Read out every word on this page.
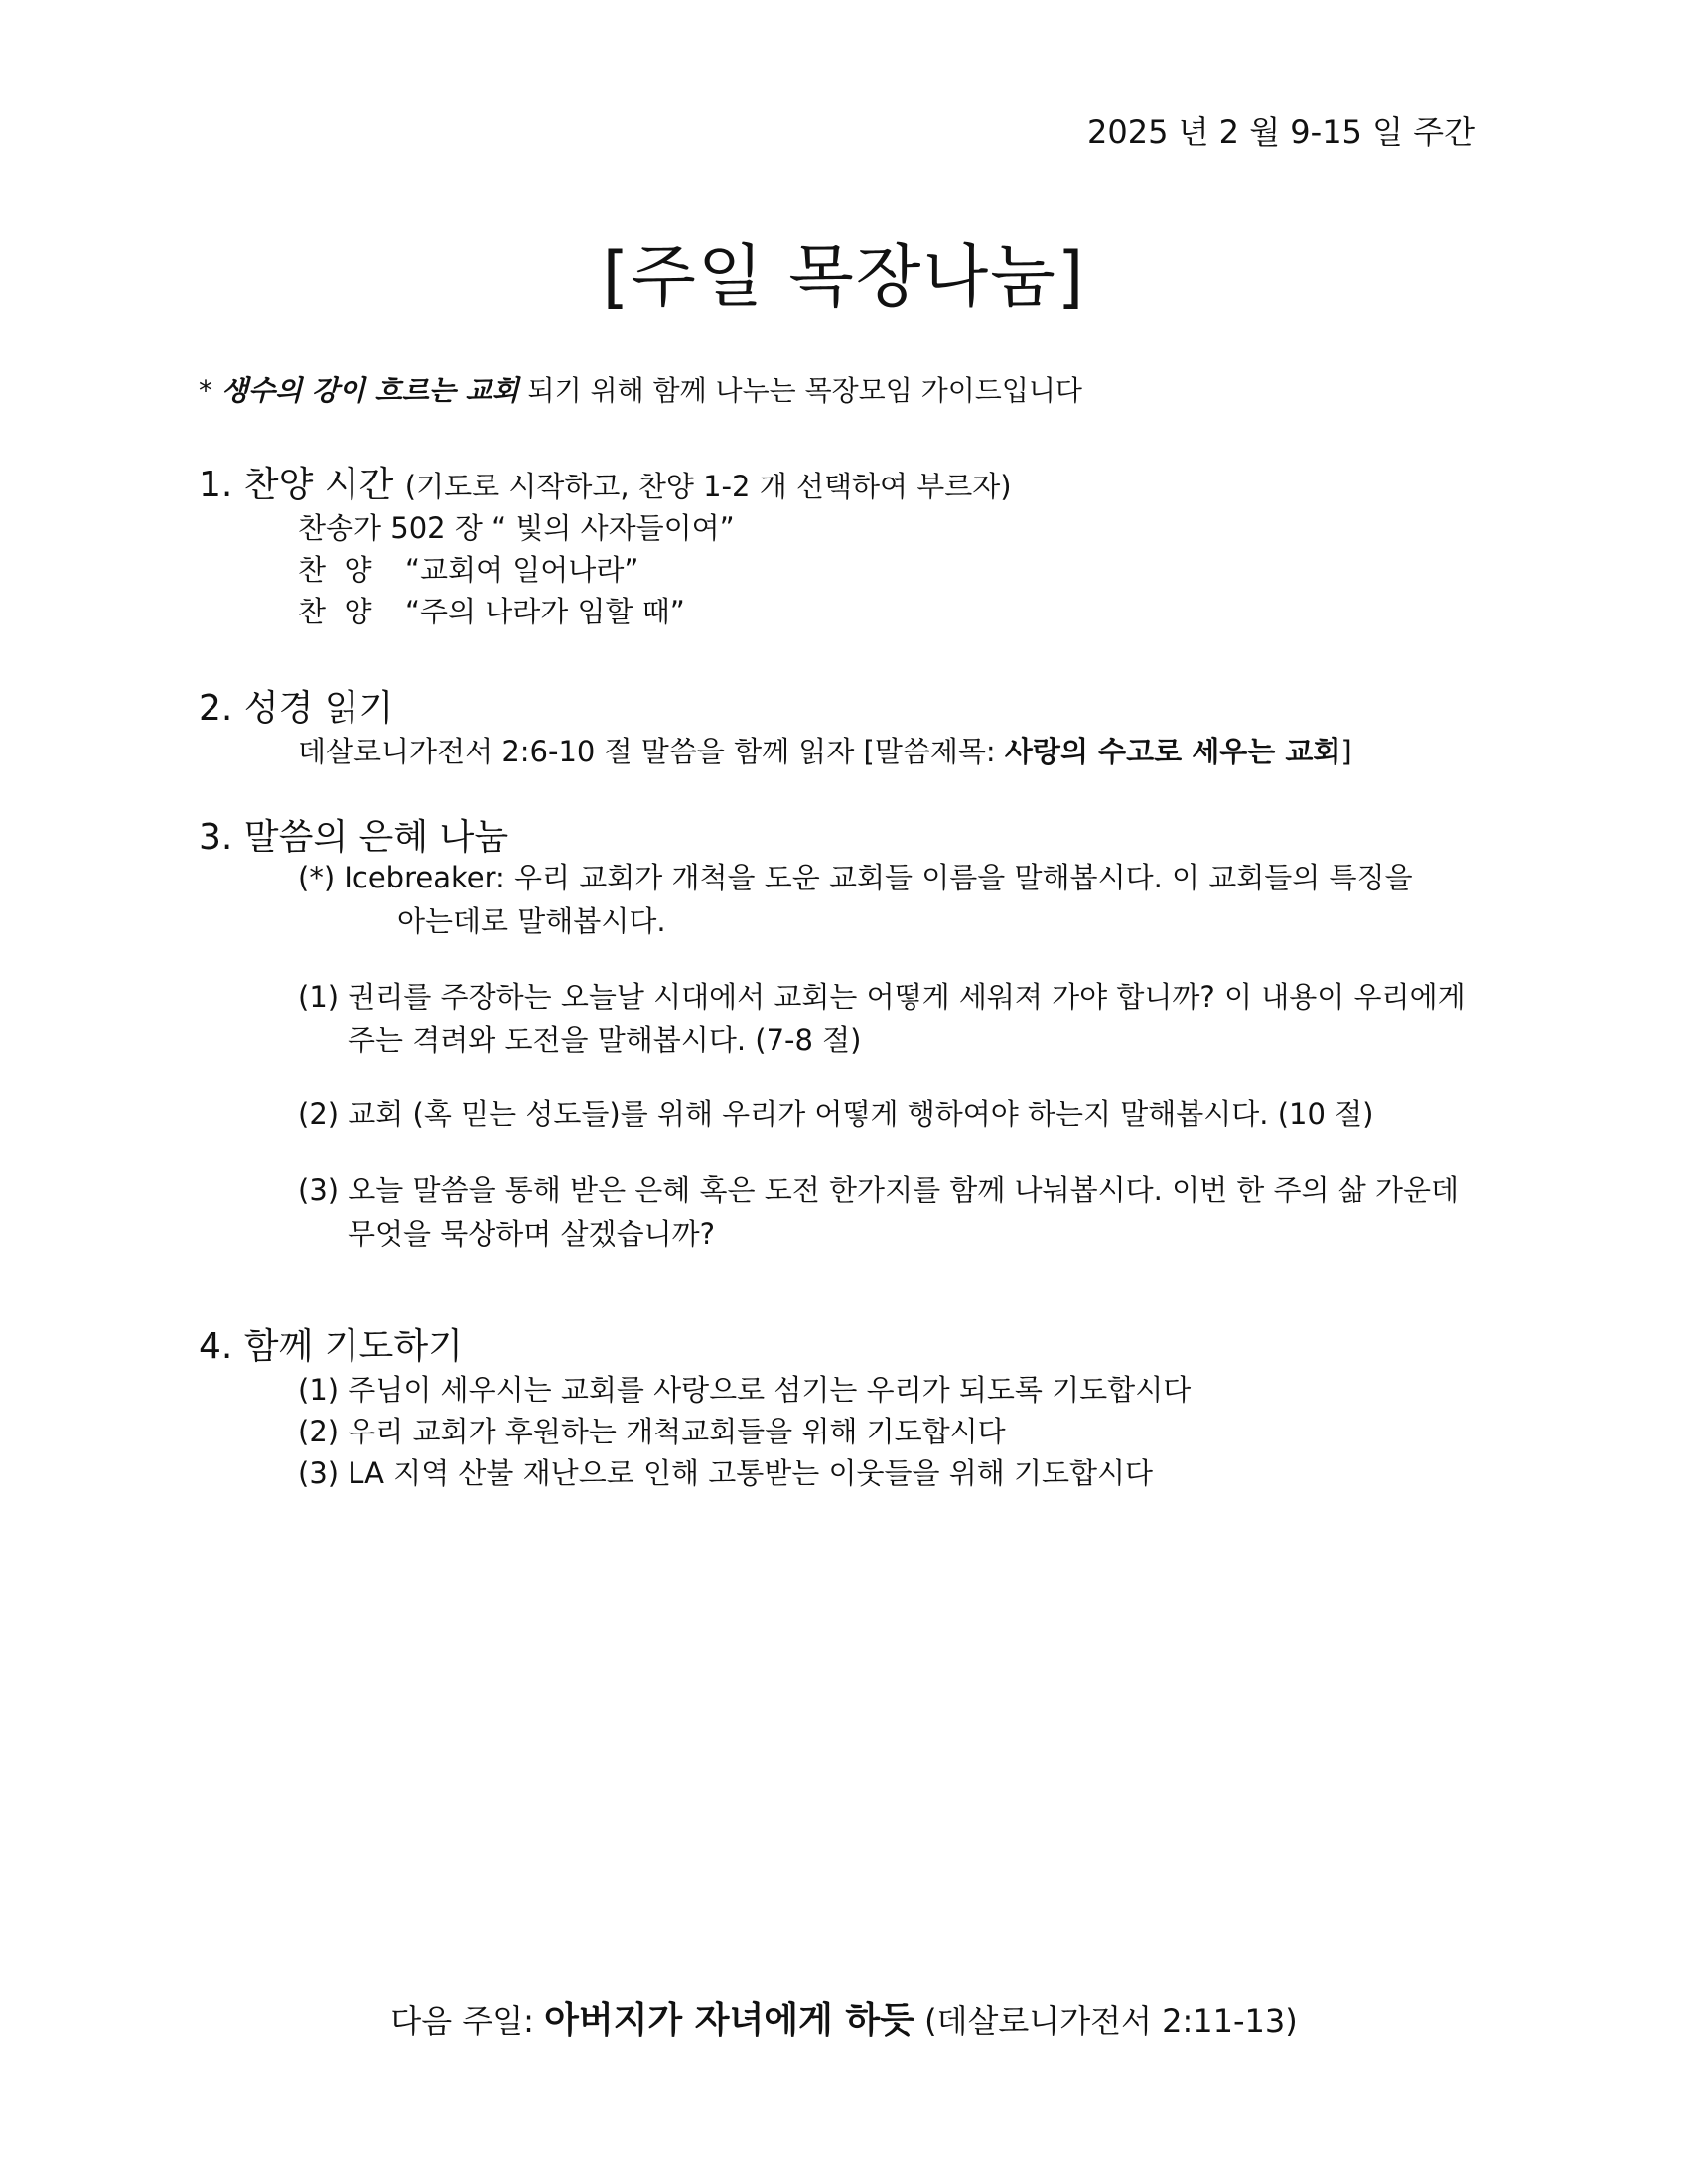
2025 년 2 월 9-15 일 주간
[주일 목장나눔]
* 생수의 강이 흐르는 교회 되기 위해 함께 나누는 목장모임 가이드입니다
1. 찬양 시간 (기도로 시작하고, 찬양 1-2 개 선택하여 부르자)
찬송가 502 장 “ 빛의 사자들이여”
찬  양 “교회여 일어나라”
찬  양 “주의 나라가 임할 때”
2. 성경 읽기
데살로니가전서 2:6-10 절 말씀을 함께 읽자 [말씀제목: 사랑의 수고로 세우는 교회]
3. 말씀의 은혜 나눔
(*) Icebreaker: 우리 교회가 개척을 도운 교회들 이름을 말해봅시다. 이 교회들의 특징을
아는데로 말해봅시다.
(1) 권리를 주장하는 오늘날 시대에서 교회는 어떻게 세워져 가야 합니까? 이 내용이 우리에게
주는 격려와 도전을 말해봅시다. (7-8 절)
(2) 교회 (혹 믿는 성도들)를 위해 우리가 어떻게 행하여야 하는지 말해봅시다. (10 절)
(3) 오늘 말씀을 통해 받은 은혜 혹은 도전 한가지를 함께 나눠봅시다. 이번 한 주의 삶 가운데
무엇을 묵상하며 살겠습니까?
4. 함께 기도하기
(1) 주님이 세우시는 교회를 사랑으로 섬기는 우리가 되도록 기도합시다
(2) 우리 교회가 후원하는 개척교회들을 위해 기도합시다
(3) LA 지역 산불 재난으로 인해 고통받는 이웃들을 위해 기도합시다
다음 주일: 아버지가 자녀에게 하듯 (데살로니가전서 2:11-13)
